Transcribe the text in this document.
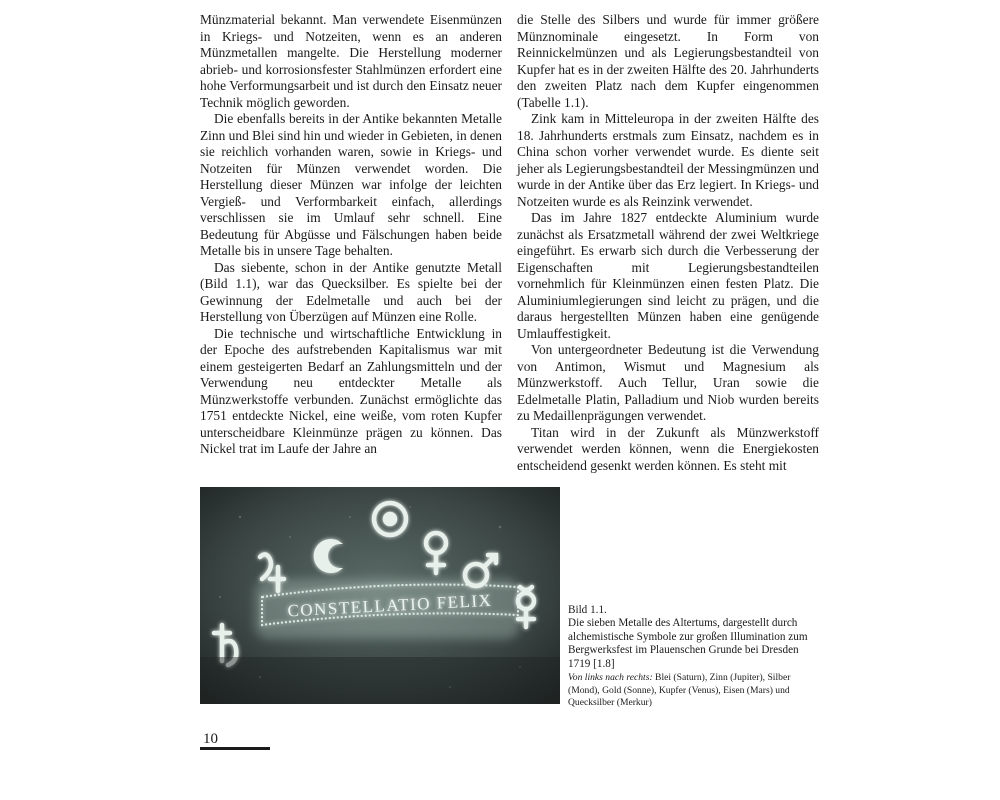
Münzmaterial bekannt. Man verwendete Eisenmünzen in Kriegs- und Notzeiten, wenn es an anderen Münzmetallen mangelte. Die Herstellung moderner abrieb- und korrosionsfester Stahlmünzen erfordert eine hohe Verformungsarbeit und ist durch den Einsatz neuer Technik möglich geworden.

Die ebenfalls bereits in der Antike bekannten Metalle Zinn und Blei sind hin und wieder in Gebieten, in denen sie reichlich vorhanden waren, sowie in Kriegs- und Notzeiten für Münzen verwendet worden. Die Herstellung dieser Münzen war infolge der leichten Vergieß- und Verformbarkeit einfach, allerdings verschlissen sie im Umlauf sehr schnell. Eine Bedeutung für Abgüsse und Fälschungen haben beide Metalle bis in unsere Tage behalten.

Das siebente, schon in der Antike genutzte Metall (Bild 1.1), war das Quecksilber. Es spielte bei der Gewinnung der Edelmetalle und auch bei der Herstellung von Überzügen auf Münzen eine Rolle.

Die technische und wirtschaftliche Entwicklung in der Epoche des aufstrebenden Kapitalismus war mit einem gesteigerten Bedarf an Zahlungsmitteln und der Verwendung neu entdeckter Metalle als Münzwerkstoffe verbunden. Zunächst ermöglichte das 1751 entdeckte Nickel, eine weiße, vom roten Kupfer unterscheidbare Kleinmünze prägen zu können. Das Nickel trat im Laufe der Jahre an

die Stelle des Silbers und wurde für immer größere Münznominale eingesetzt. In Form von Reinnickelmünzen und als Legierungsbestandteil von Kupfer hat es in der zweiten Hälfte des 20. Jahrhunderts den zweiten Platz nach dem Kupfer eingenommen (Tabelle 1.1).

Zink kam in Mitteleuropa in der zweiten Hälfte des 18. Jahrhunderts erstmals zum Einsatz, nachdem es in China schon vorher verwendet wurde. Es diente seit jeher als Legierungsbestandteil der Messingmünzen und wurde in der Antike über das Erz legiert. In Kriegs- und Notzeiten wurde es als Reinzink verwendet.

Das im Jahre 1827 entdeckte Aluminium wurde zunächst als Ersatzmetall während der zwei Weltkriege eingeführt. Es erwarb sich durch die Verbesserung der Eigenschaften mit Legierungsbestandteilen vornehmlich für Kleinmünzen einen festen Platz. Die Aluminiumlegierungen sind leicht zu prägen, und die daraus hergestellten Münzen haben eine genügende Umlauffestigkeit.

Von untergeordneter Bedeutung ist die Verwendung von Antimon, Wismut und Magnesium als Münzwerkstoff. Auch Tellur, Uran sowie die Edelmetalle Platin, Palladium und Niob wurden bereits zu Medaillenprägungen verwendet.

Titan wird in der Zukunft als Münzwerkstoff verwendet werden können, wenn die Energiekosten entscheidend gesenkt werden können. Es steht mit

CONSTELLATIO FELIX	Bild 1.1.
Die sieben Metalle des Altertums, dargestellt durch alchemistische Symbole zur großen Illumination zum Bergwerksfest im Plauenschen Grunde bei Dresden 1719 [1.8]
Von links nach rechts: Blei (Saturn), Zinn (Jupiter), Silber (Mond), Gold (Sonne), Kupfer (Venus), Eisen (Mars) und Quecksilber (Merkur)
10
